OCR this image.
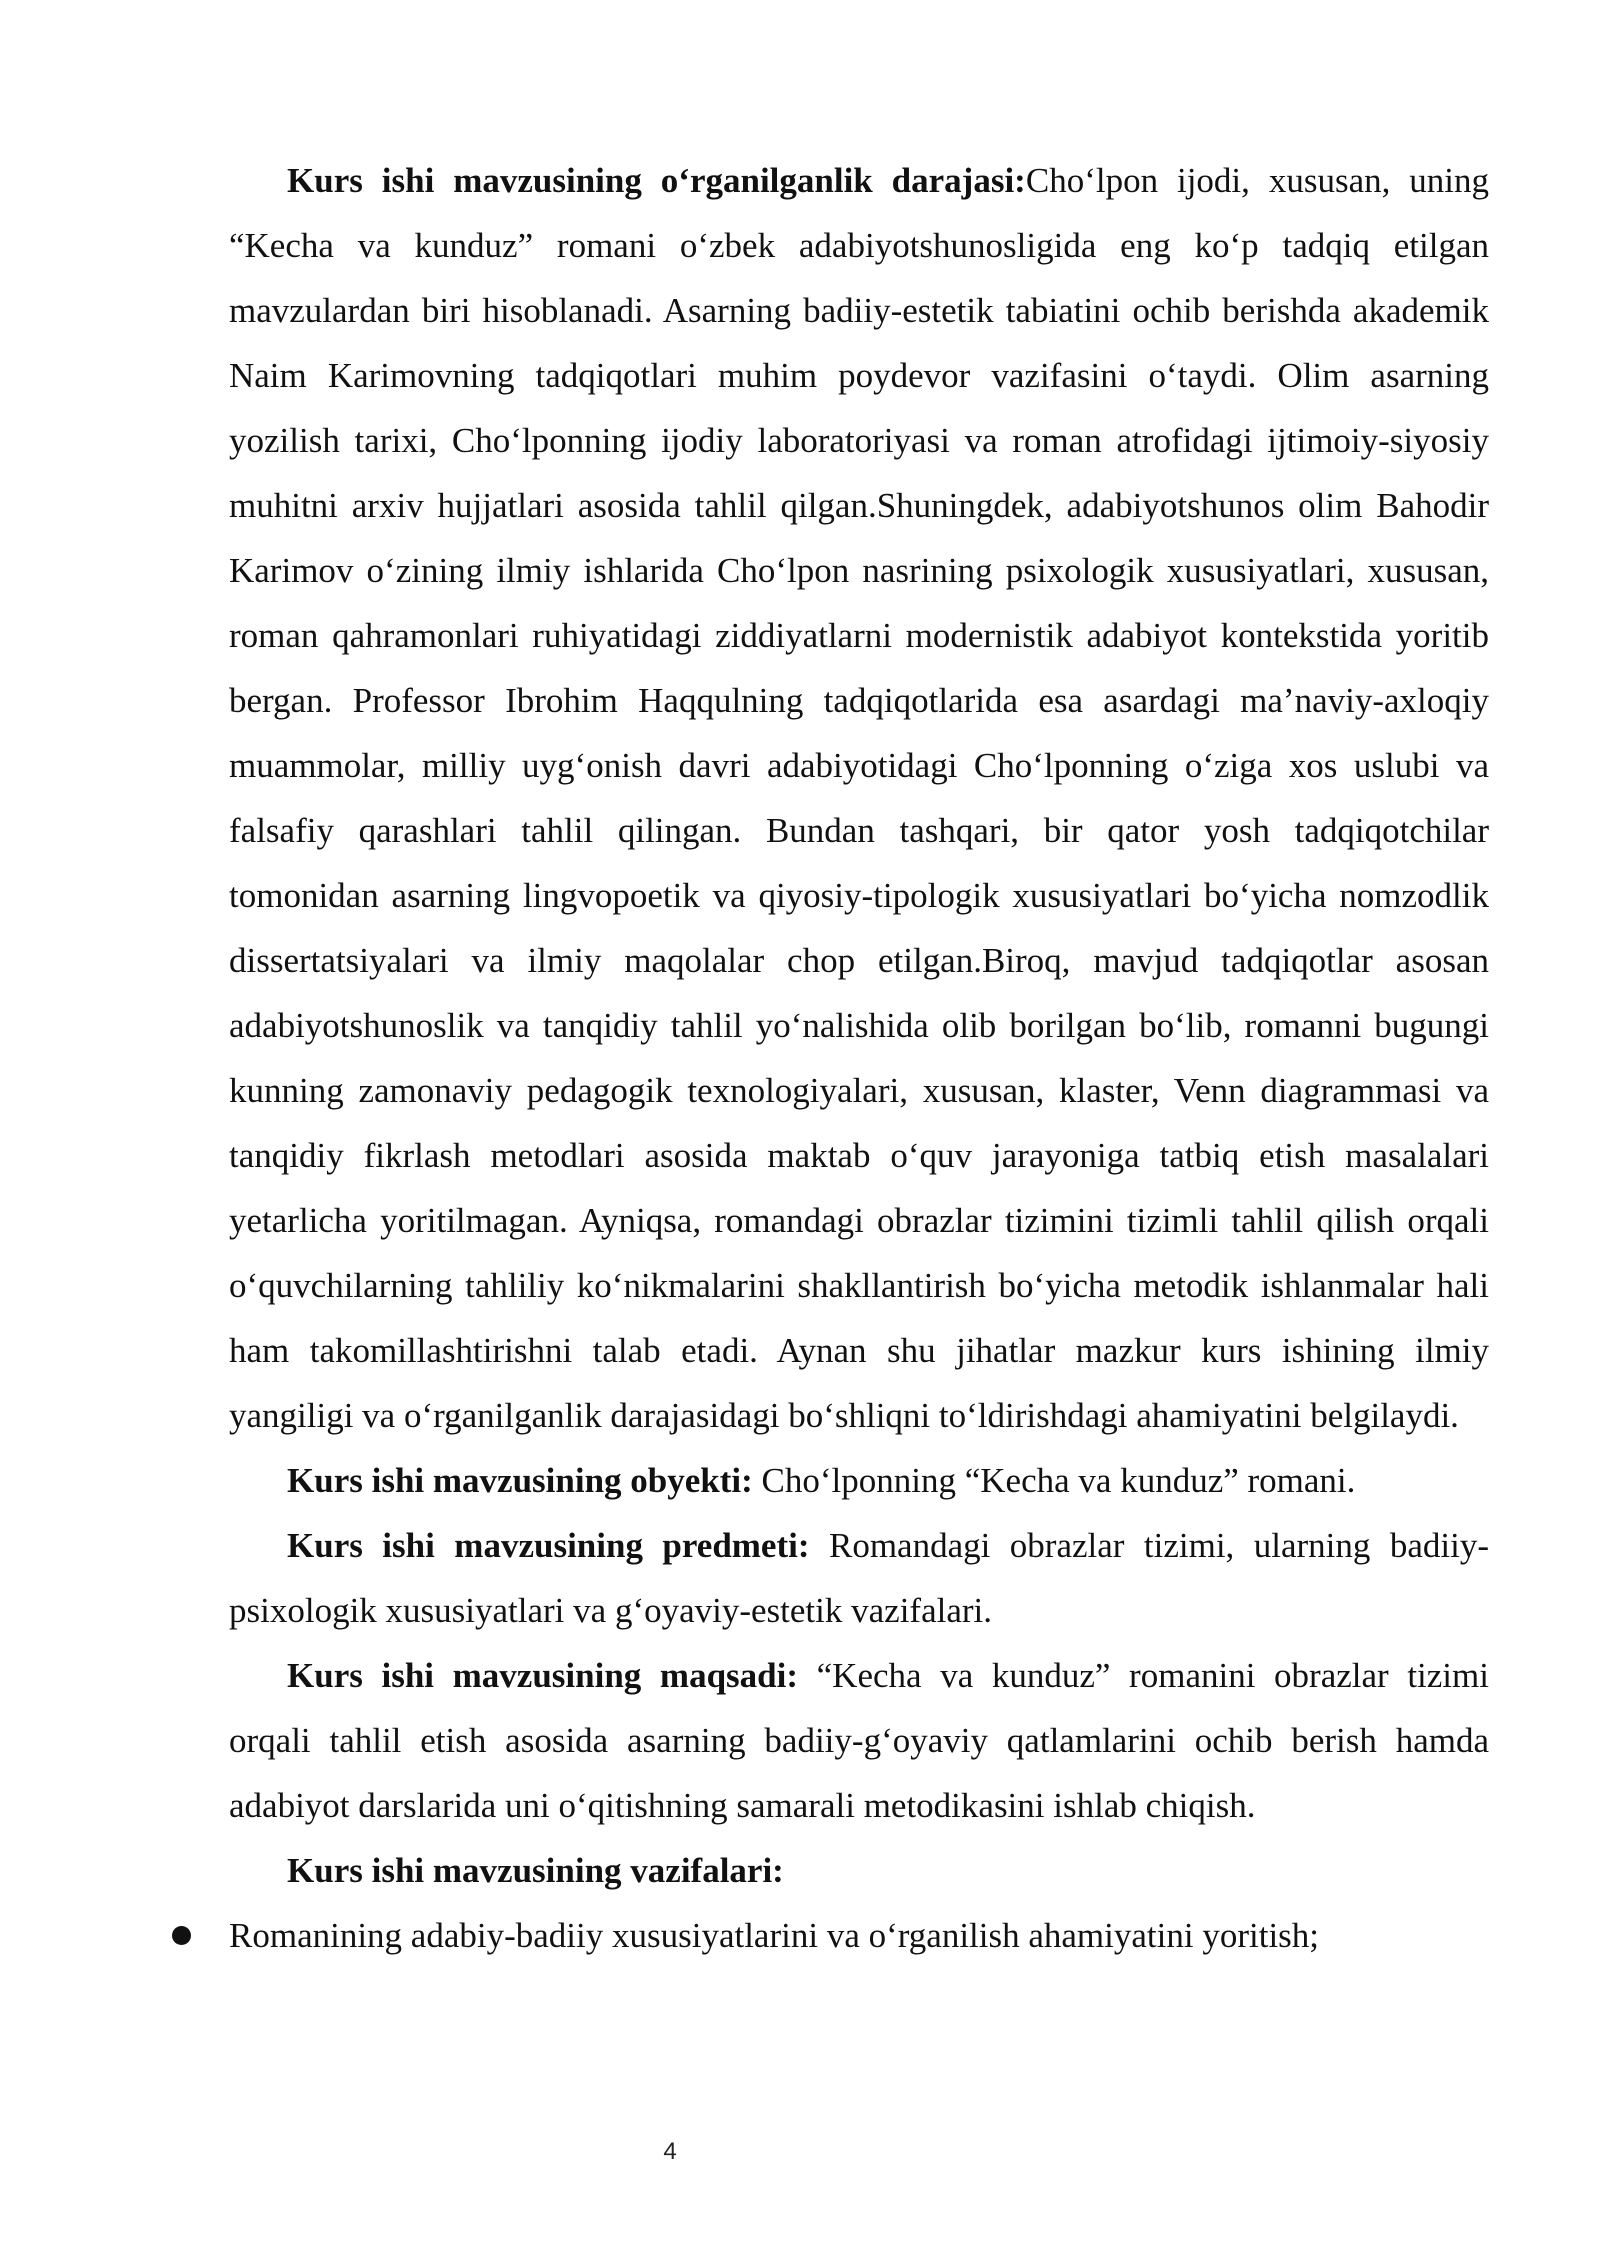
Kurs ishi mavzusining oʻrganilganlik darajasi:Choʻlpon ijodi, xususan, uning “Kecha va kunduz” romani oʻzbek adabiyotshunosligida eng koʻp tadqiq etilgan mavzulardan biri hisoblanadi. Asarning badiiy-estetik tabiatini ochib berishda akademik Naim Karimovning tadqiqotlari muhim poydevor vazifasini oʻtaydi. Olim asarning yozilish tarixi, Choʻlponning ijodiy laboratoriyasi va roman atrofidagi ijtimoiy-siyosiy muhitni arxiv hujjatlari asosida tahlil qilgan.Shuningdek, adabiyotshunos olim Bahodir Karimov oʻzining ilmiy ishlarida Choʻlpon nasrining psixologik xususiyatlari, xususan, roman qahramonlari ruhiyatidagi ziddiyatlarni modernistik adabiyot kontekstida yoritib bergan. Professor Ibrohim Haqqulning tadqiqotlarida esa asardagi ma’naviy-axloqiy muammolar, milliy uygʻonish davri adabiyotidagi Choʻlponning oʻziga xos uslubi va falsafiy qarashlari tahlil qilingan. Bundan tashqari, bir qator yosh tadqiqotchilar tomonidan asarning lingvopoetik va qiyosiy-tipologik xususiyatlari boʻyicha nomzodlik dissertatsiyalari va ilmiy maqolalar chop etilgan.Biroq, mavjud tadqiqotlar asosan adabiyotshunoslik va tanqidiy tahlil yoʻnalishida olib borilgan boʻlib, romanni bugungi kunning zamonaviy pedagogik texnologiyalari, xususan, klaster, Venn diagrammasi va tanqidiy fikrlash metodlari asosida maktab oʻquv jarayoniga tatbiq etish masalalari yetarlicha yoritilmagan. Ayniqsa, romandagi obrazlar tizimini tizimli tahlil qilish orqali oʻquvchilarning tahliliy koʻnikmalarini shakllantirish boʻyicha metodik ishlanmalar hali ham takomillashtirishni talab etadi. Aynan shu jihatlar mazkur kurs ishining ilmiy yangiligi va oʻrganilganlik darajasidagi boʻshliqni toʻldirishdagi ahamiyatini belgilaydi.

Kurs ishi mavzusining obyekti: Choʻlponning “Kecha va kunduz” romani.

Kurs ishi mavzusining predmeti: Romandagi obrazlar tizimi, ularning badiiy-psixologik xususiyatlari va gʻoyaviy-estetik vazifalari.

Kurs ishi mavzusining maqsadi: “Kecha va kunduz” romanini obrazlar tizimi orqali tahlil etish asosida asarning badiiy-gʻoyaviy qatlamlarini ochib berish hamda adabiyot darslarida uni oʻqitishning samarali metodikasini ishlab chiqish.

Kurs ishi mavzusining vazifalari:

Romanining adabiy-badiiy xususiyatlarini va oʻrganilish ahamiyatini yoritish;
4
